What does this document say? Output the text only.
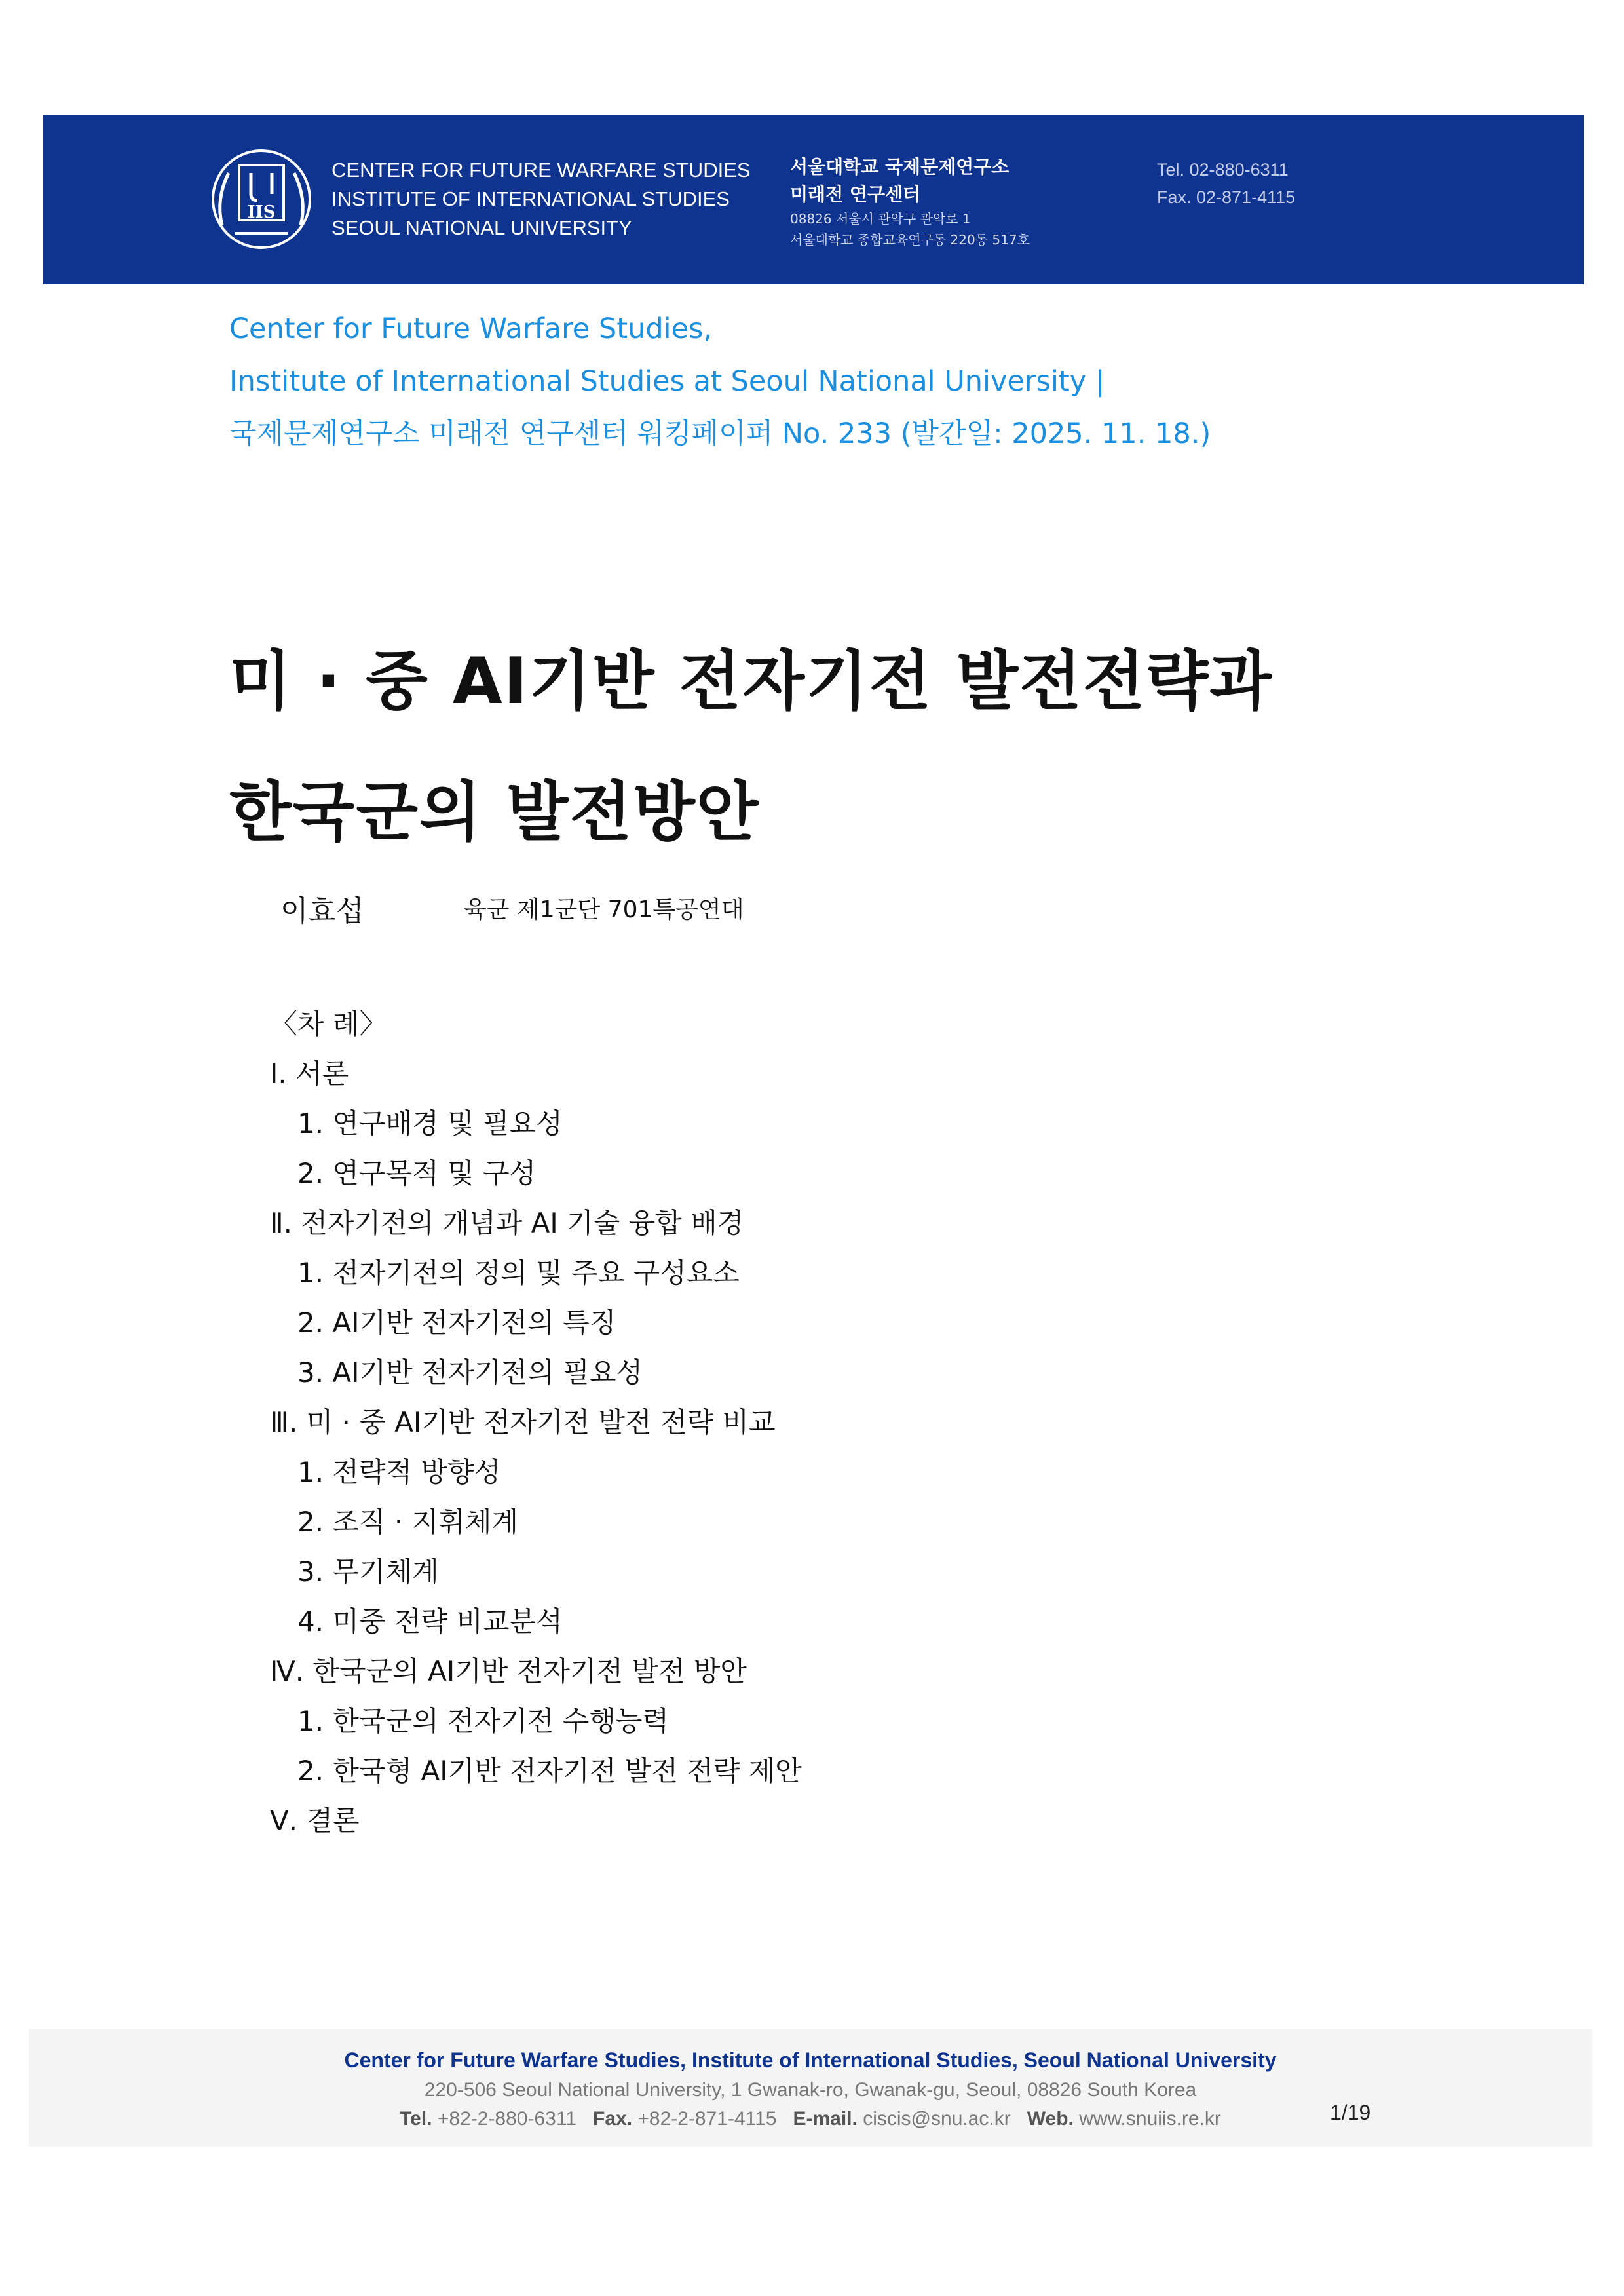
IIS
CENTER FOR FUTURE WARFARE STUDIES
INSTITUTE OF INTERNATIONAL STUDIES
SEOUL NATIONAL UNIVERSITY
서울대학교 국제문제연구소
미래전 연구센터
08826 서울시 관악구 관악로 1
서울대학교 종합교육연구동 220동 517호
Tel. 02-880-6311
Fax. 02-871-4115
Center for Future Warfare Studies,
Institute of International Studies at Seoul National University |
국제문제연구소 미래전 연구센터 워킹페이퍼 No. 233 (발간일: 2025. 11. 18.)
미 · 중 AI기반 전자기전 발전전략과
한국군의 발전방안
이효섭	육군 제1군단 701특공연대
〈차 례〉
Ⅰ. 서론
1. 연구배경 및 필요성
2. 연구목적 및 구성
Ⅱ. 전자기전의 개념과 AI 기술 융합 배경
1. 전자기전의 정의 및 주요 구성요소
2. AI기반 전자기전의 특징
3. AI기반 전자기전의 필요성
Ⅲ. 미 · 중 AI기반 전자기전 발전 전략 비교
1. 전략적 방향성
2. 조직 · 지휘체계
3. 무기체계
4. 미중 전략 비교분석
Ⅳ. 한국군의 AI기반 전자기전 발전 방안
1. 한국군의 전자기전 수행능력
2. 한국형 AI기반 전자기전 발전 전략 제안
Ⅴ. 결론
Center for Future Warfare Studies, Institute of International Studies, Seoul National University
220-506 Seoul National University, 1 Gwanak-ro, Gwanak-gu, Seoul, 08826 South Korea
Tel. +82-2-880-6311 Fax. +82-2-871-4115 E-mail. ciscis@snu.ac.kr Web. www.snuiis.re.kr	1/19
